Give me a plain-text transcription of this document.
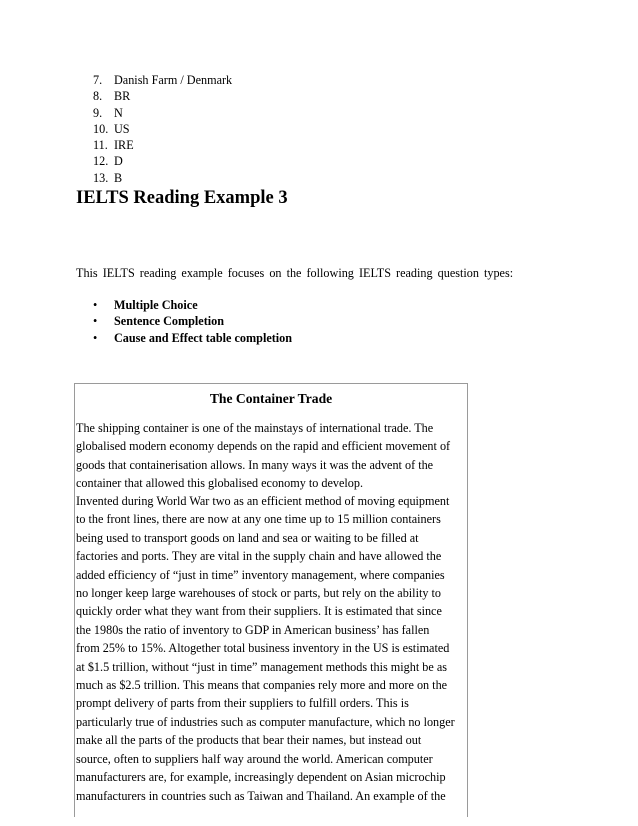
7. Danish Farm / Denmark
8. BR
9. N
10. US
11. IRE
12. D
13. B
IELTS Reading Example 3

This IELTS reading example focuses on the following IELTS reading question types:

• Multiple Choice
• Sentence Completion
• Cause and Effect table completion
The Container Trade

The shipping container is one of the mainstays of international trade. The
globalised modern economy depends on the rapid and efficient movement of
goods that containerisation allows. In many ways it was the advent of the
container that allowed this globalised economy to develop.

Invented during World War two as an efficient method of moving equipment
to the front lines, there are now at any one time up to 15 million containers
being used to transport goods on land and sea or waiting to be filled at
factories and ports. They are vital in the supply chain and have allowed the
added efficiency of “just in time” inventory management, where companies
no longer keep large warehouses of stock or parts, but rely on the ability to
quickly order what they want from their suppliers. It is estimated that since
the 1980s the ratio of inventory to GDP in American business’ has fallen
from 25% to 15%. Altogether total business inventory in the US is estimated
at $1.5 trillion, without “just in time” management methods this might be as
much as $2.5 trillion. This means that companies rely more and more on the
prompt delivery of parts from their suppliers to fulfill orders. This is
particularly true of industries such as computer manufacture, which no longer
make all the parts of the products that bear their names, but instead out
source, often to suppliers half way around the world. American computer
manufacturers are, for example, increasingly dependent on Asian microchip
manufacturers in countries such as Taiwan and Thailand. An example of the
